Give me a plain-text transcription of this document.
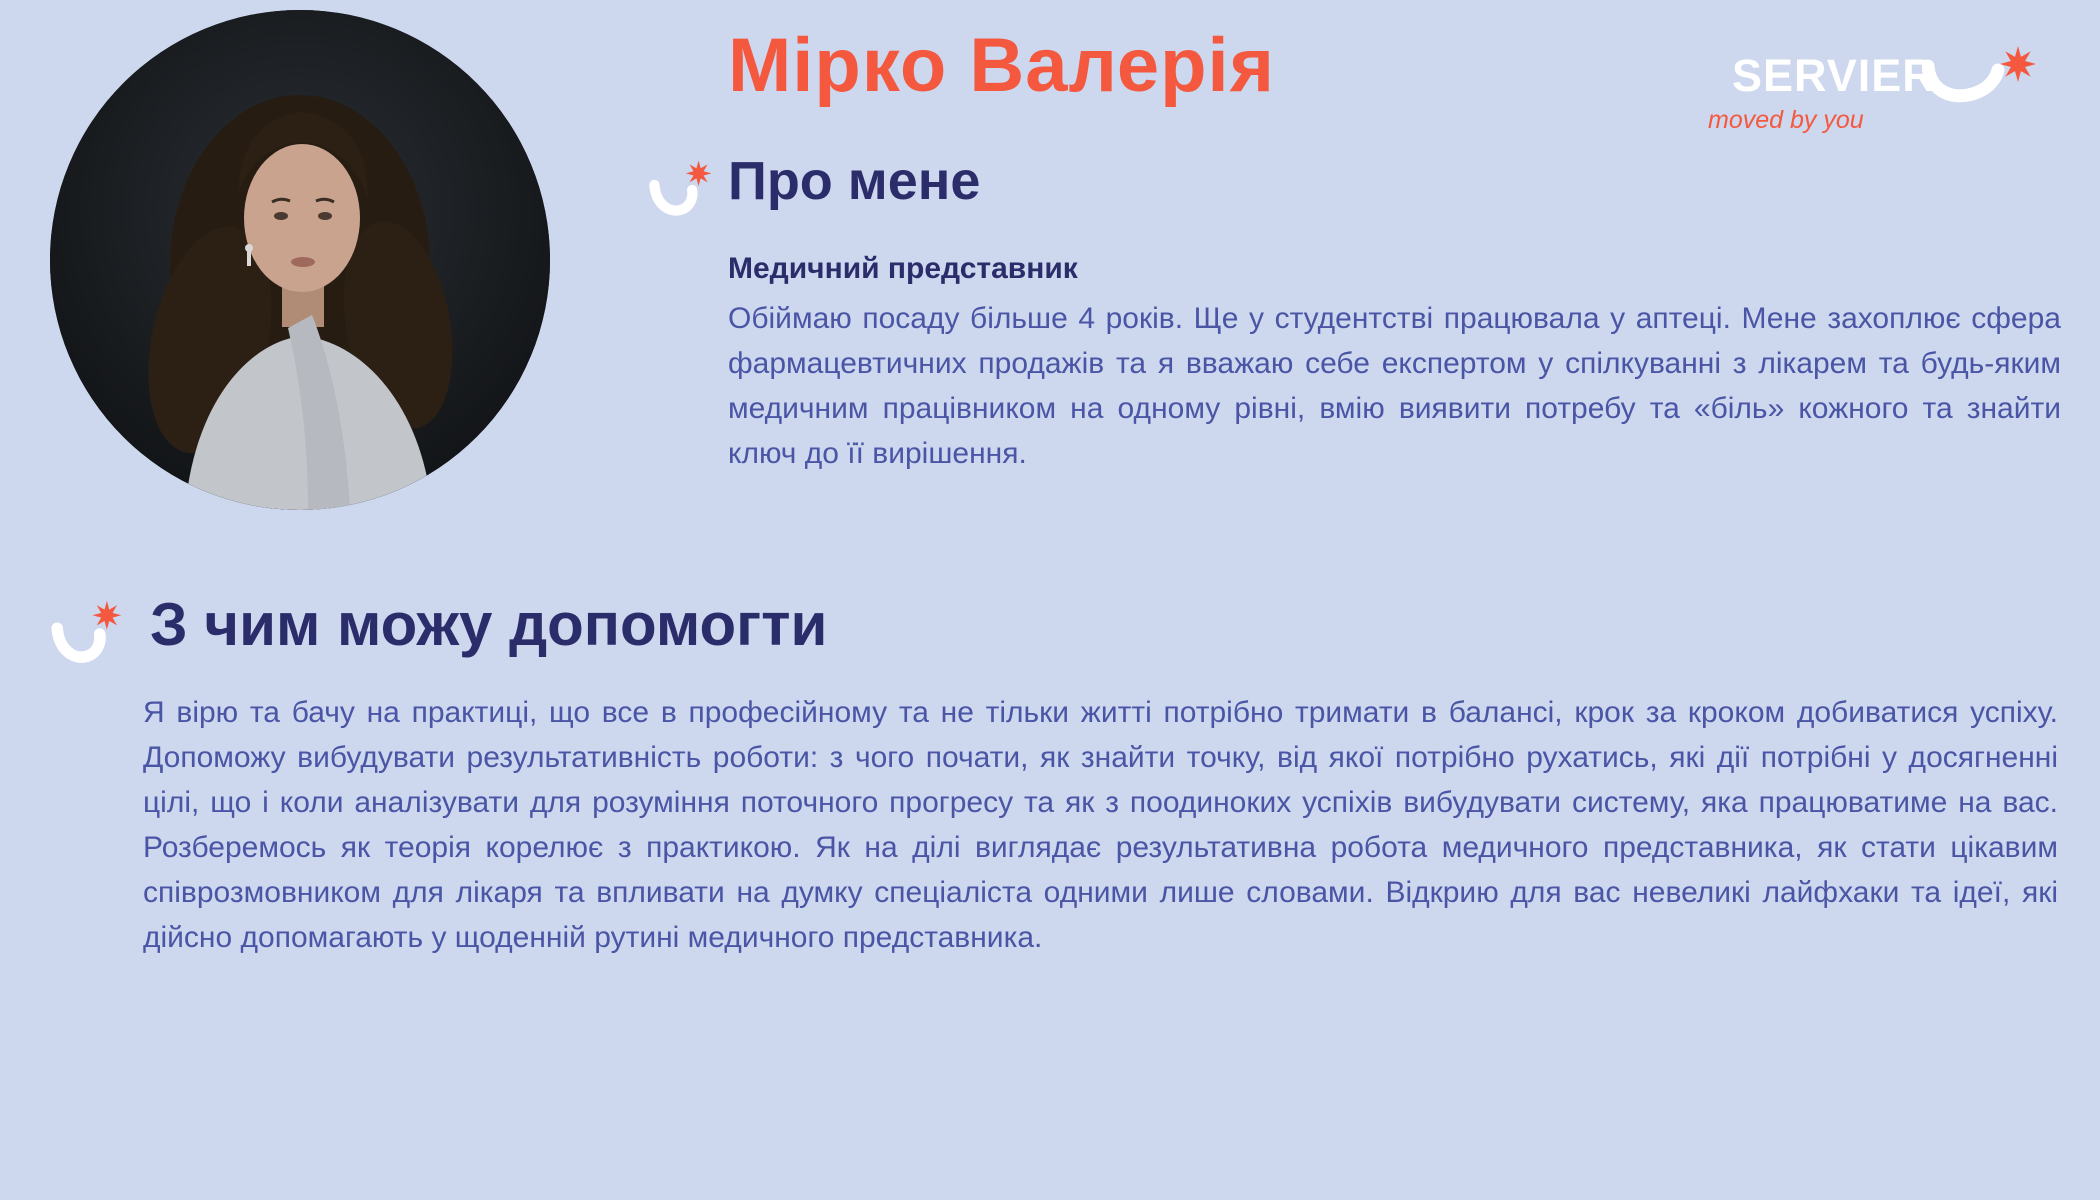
Мірко Валерія
Про мене
Медичний представник

Обіймаю посаду більше 4 років. Ще у студентстві працювала у аптеці. Мене захоплює сфера фармацевтичних продажів та я вважаю себе експертом у спілкуванні з лікарем та будь-яким медичним працівником на одному рівні, вмію виявити потребу та «біль» кожного та знайти ключ до її вирішення.

З чим можу допомогти

Я вірю та бачу на практиці, що все в професійному та не тільки житті потрібно тримати в балансі, крок за кроком добиватися успіху. Допоможу вибудувати результативність роботи: з чого почати, як знайти точку, від якої потрібно рухатись, які дії потрібні у досягненні цілі, що і коли аналізувати для розуміння поточного прогресу та як з поодиноких успіхів вибудувати систему, яка працюватиме на вас. Розберемось як теорія корелює з практикою. Як на ділі виглядає результативна робота медичного представника, як стати цікавим співрозмовником для лікаря та впливати на думку спеціаліста одними лише словами. Відкрию для вас невеликі лайфхаки та ідеї, які дійсно допомагають у щоденній рутині медичного представника.

SERVIER
moved by you
